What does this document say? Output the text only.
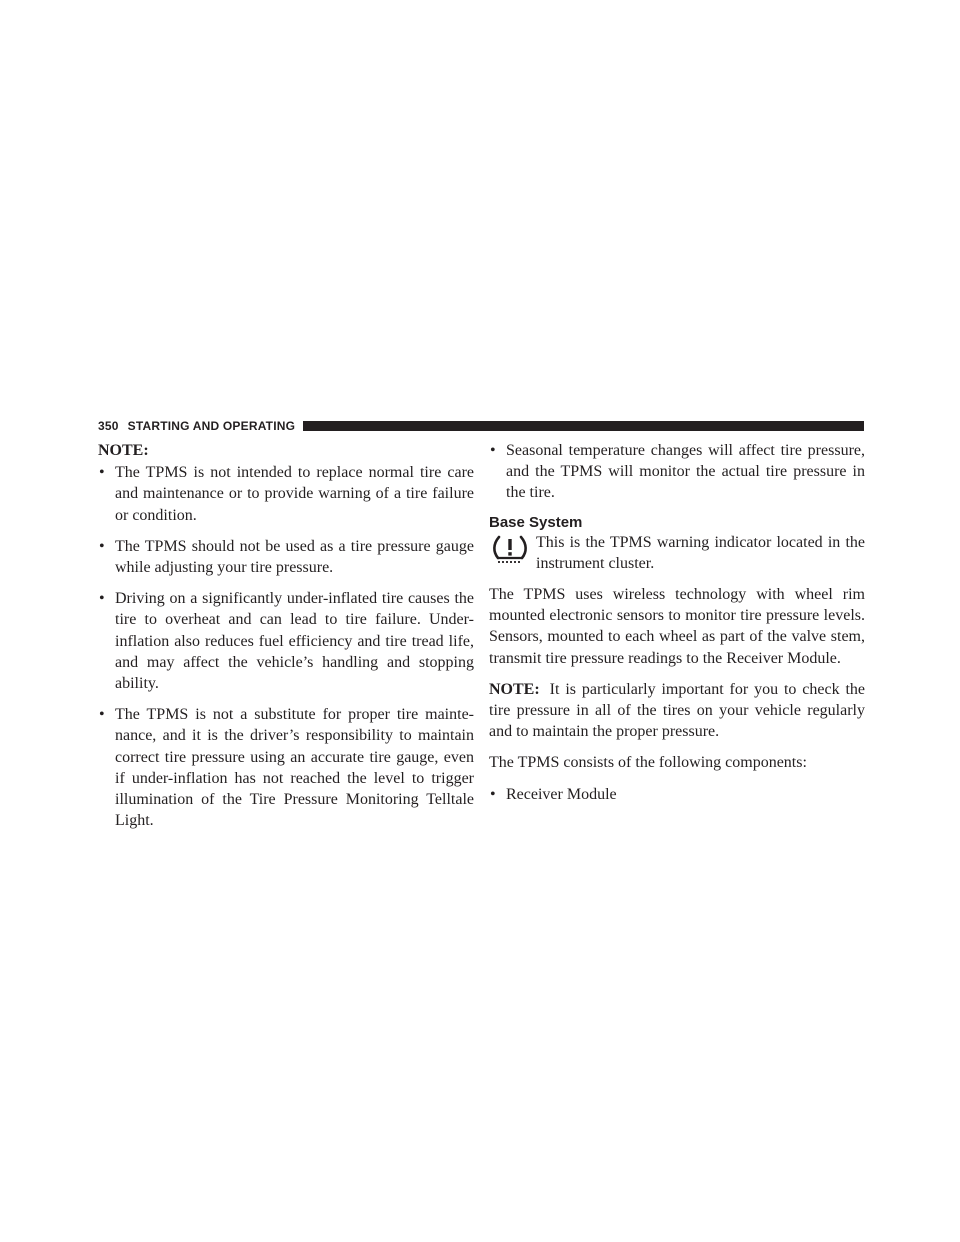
350 STARTING AND OPERATING
NOTE:
• The TPMS is not intended to replace normal tire care and maintenance or to provide warning of a tire failure or condition.
• The TPMS should not be used as a tire pressure gauge while adjusting your tire pressure.
• Driving on a significantly under-inflated tire causes the tire to overheat and can lead to tire failure. Under-inflation also reduces fuel efficiency and tire tread life, and may affect the vehicle’s handling and stopping ability.
• The TPMS is not a substitute for proper tire maintenance, and it is the driver’s responsibility to maintain correct tire pressure using an accurate tire gauge, even if under-inflation has not reached the level to trigger illumination of the Tire Pressure Monitoring Telltale Light.
• Seasonal temperature changes will affect tire pressure, and the TPMS will monitor the actual tire pressure in the tire.
Base System
This is the TPMS warning indicator located in the instrument cluster.

The TPMS uses wireless technology with wheel rim mounted electronic sensors to monitor tire pressure levels. Sensors, mounted to each wheel as part of the valve stem, transmit tire pressure readings to the Receiver Module.

NOTE: It is particularly important for you to check the tire pressure in all of the tires on your vehicle regularly and to maintain the proper pressure.

The TPMS consists of the following components:

• Receiver Module
